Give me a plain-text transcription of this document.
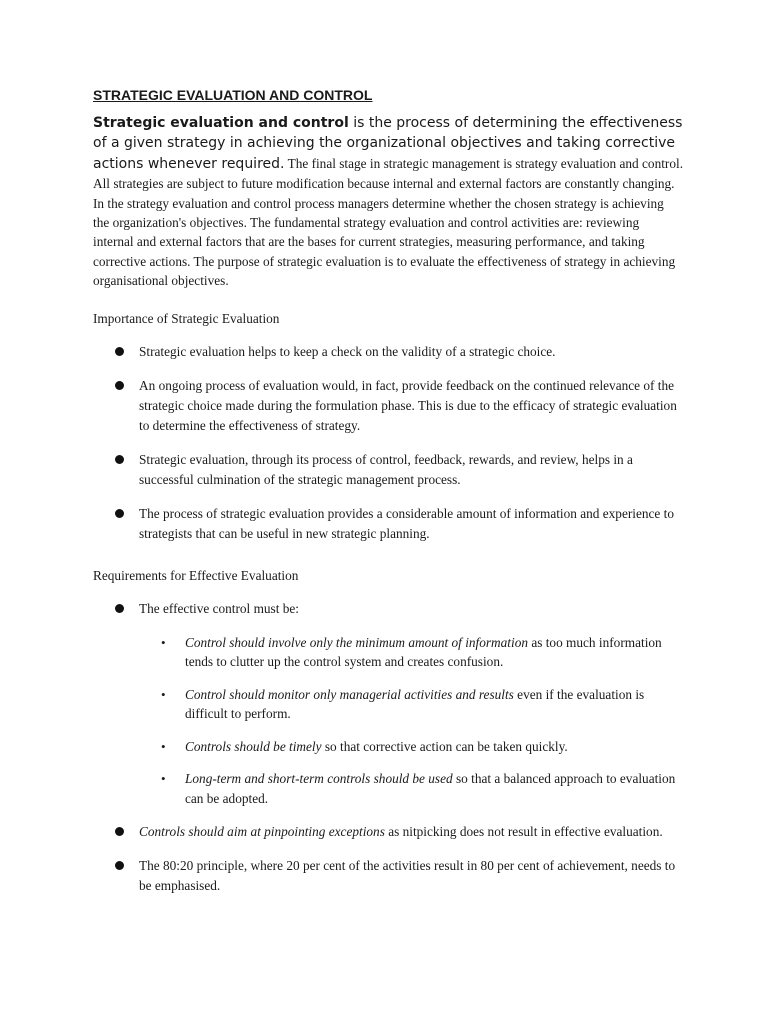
STRATEGIC EVALUATION AND CONTROL

Strategic evaluation and control is the process of determining the effectiveness of a given strategy in achieving the organizational objectives and taking corrective actions whenever required. The final stage in strategic management is strategy evaluation and control. All strategies are subject to future modification because internal and external factors are constantly changing. In the strategy evaluation and control process managers determine whether the chosen strategy is achieving the organization's objectives. The fundamental strategy evaluation and control activities are: reviewing internal and external factors that are the bases for current strategies, measuring performance, and taking corrective actions. The purpose of strategic evaluation is to evaluate the effectiveness of strategy in achieving organisational objectives.

Importance of Strategic Evaluation

Strategic evaluation helps to keep a check on the validity of a strategic choice.
An ongoing process of evaluation would, in fact, provide feedback on the continued relevance of the strategic choice made during the formulation phase. This is due to the efficacy of strategic evaluation to determine the effectiveness of strategy.
Strategic evaluation, through its process of control, feedback, rewards, and review, helps in a successful culmination of the strategic management process.
The process of strategic evaluation provides a considerable amount of information and experience to strategists that can be useful in new strategic planning.

Requirements for Effective Evaluation

The effective control must be:
• Control should involve only the minimum amount of information as too much information tends to clutter up the control system and creates confusion.
• Control should monitor only managerial activities and results even if the evaluation is difficult to perform.
• Controls should be timely so that corrective action can be taken quickly.
• Long-term and short-term controls should be used so that a balanced approach to evaluation can be adopted.
Controls should aim at pinpointing exceptions as nitpicking does not result in effective evaluation.
The 80:20 principle, where 20 per cent of the activities result in 80 per cent of achievement, needs to be emphasised.
